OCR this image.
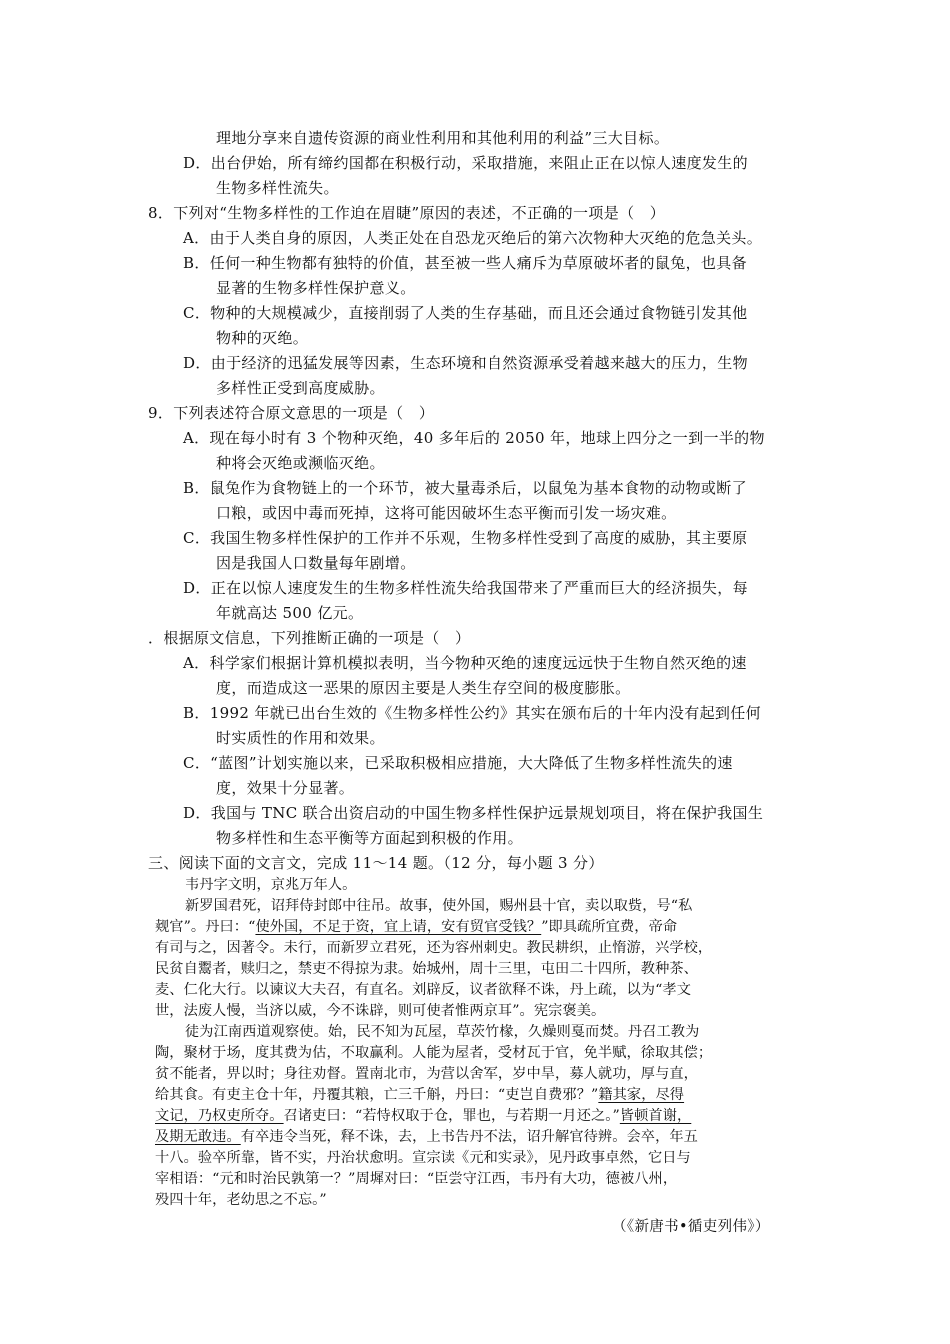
理地分享来自遗传资源的商业性利用和其他利用的利益”三大目标。
D．出台伊始，所有缔约国都在积极行动，采取措施，来阻止正在以惊人速度发生的
生物多样性流失。
8．下列对“生物多样性的工作迫在眉睫”原因的表述，不正确的一项是（　）
A．由于人类自身的原因，人类正处在自恐龙灭绝后的第六次物种大灭绝的危急关头。
B．任何一种生物都有独特的价值，甚至被一些人痛斥为草原破坏者的鼠兔，也具备
显著的生物多样性保护意义。
C．物种的大规模减少，直接削弱了人类的生存基础，而且还会通过食物链引发其他
物种的灭绝。
D．由于经济的迅猛发展等因素，生态环境和自然资源承受着越来越大的压力，生物
多样性正受到高度威胁。
9．下列表述符合原文意思的一项是（　）
A．现在每小时有 3 个物种灭绝，40 多年后的 2050 年，地球上四分之一到一半的物
种将会灭绝或濒临灭绝。
B．鼠兔作为食物链上的一个环节，被大量毒杀后，以鼠兔为基本食物的动物或断了
口粮，或因中毒而死掉，这将可能因破坏生态平衡而引发一场灾难。
C．我国生物多样性保护的工作并不乐观，生物多样性受到了高度的威胁，其主要原
因是我国人口数量每年剧增。
D．正在以惊人速度发生的生物多样性流失给我国带来了严重而巨大的经济损失，每
年就高达 500 亿元。
．根据原文信息，下列推断正确的一项是（　）
A．科学家们根据计算机模拟表明，当今物种灭绝的速度远远快于生物自然灭绝的速
度，而造成这一恶果的原因主要是人类生存空间的极度膨胀。
B．1992 年就已出台生效的《生物多样性公约》其实在颁布后的十年内没有起到任何
时实质性的作用和效果。
C．“蓝图”计划实施以来，已采取积极相应措施，大大降低了生物多样性流失的速
度，效果十分显著。
D．我国与 TNC 联合出资启动的中国生物多样性保护远景规划项目，将在保护我国生
物多样性和生态平衡等方面起到积极的作用。
三、阅读下面的文言文，完成 11～14 题。（12 分，每小题 3 分）
韦丹字文明，京兆万年人。
新罗国君死，诏拜侍封郎中往吊。故事，使外国，赐州县十官，卖以取赀，号“私
觌官”。丹曰：“使外国，不足于资，宜上请，安有贸官受钱？”即具疏所宜费，帝命
有司与之，因著令。未行，而新罗立君死，还为容州刺史。教民耕织，止惰游，兴学校，
民贫自鬻者，赎归之，禁吏不得掠为隶。始城州，周十三里，屯田二十四所，教种茶、
麦、仁化大行。以谏议大夫召，有直名。刘辟反，议者欲释不诛，丹上疏，以为“孝文
世，法废人慢，当济以威，今不诛辟，则可使者惟两京耳”。宪宗褒美。
徒为江南西道观察使。始，民不知为瓦屋，草茨竹椽，久燥则戛而焚。丹召工教为
陶，聚材于场，度其费为估，不取赢利。人能为屋者，受材瓦于官，免半赋，徐取其偿；
贫不能者，畀以时；身往劝督。置南北市，为营以舍军，岁中旱，募人就功，厚与直，
给其食。有吏主仓十年，丹覆其粮，亡三千斛，丹曰：“吏岂自费邪？”籍其家，尽得
文记，乃权吏所夺。召诸吏曰：“若恃权取于仓，罪也，与若期一月还之。”皆顿首谢，
及期无敢违。有卒违令当死，释不诛，去，上书告丹不法，诏升解官待辨。会卒，年五
十八。验卒所靠，皆不实，丹治状愈明。宣宗读《元和实录》，见丹政事卓然，它日与
宰相语：“元和时治民孰第一？”周墀对曰：“臣尝守江西，韦丹有大功，德被八州，
殁四十年，老幼思之不忘。”
（《新唐书•循吏列伟》）
